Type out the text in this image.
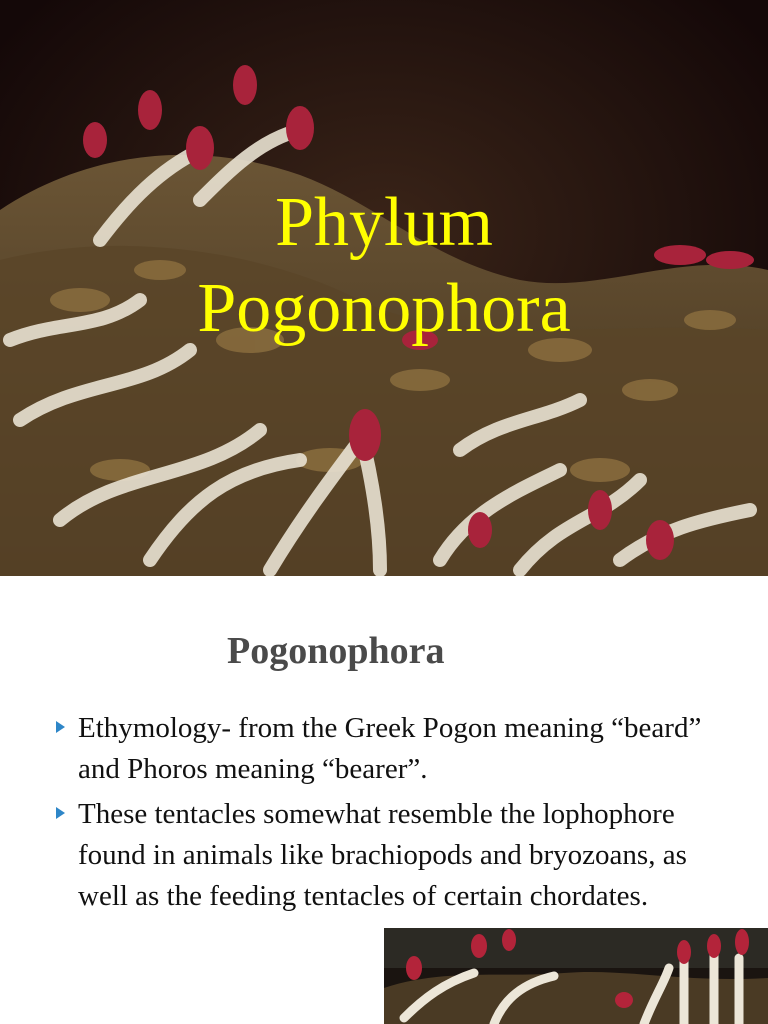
Phylum
Pogonophora
Pogonophora
Ethymology- from the Greek Pogon meaning “beard” and Phoros meaning “bearer”.
These tentacles somewhat resemble the lophophore found in animals like brachiopods and bryozoans, as well as the feeding tentacles of certain chordates.
